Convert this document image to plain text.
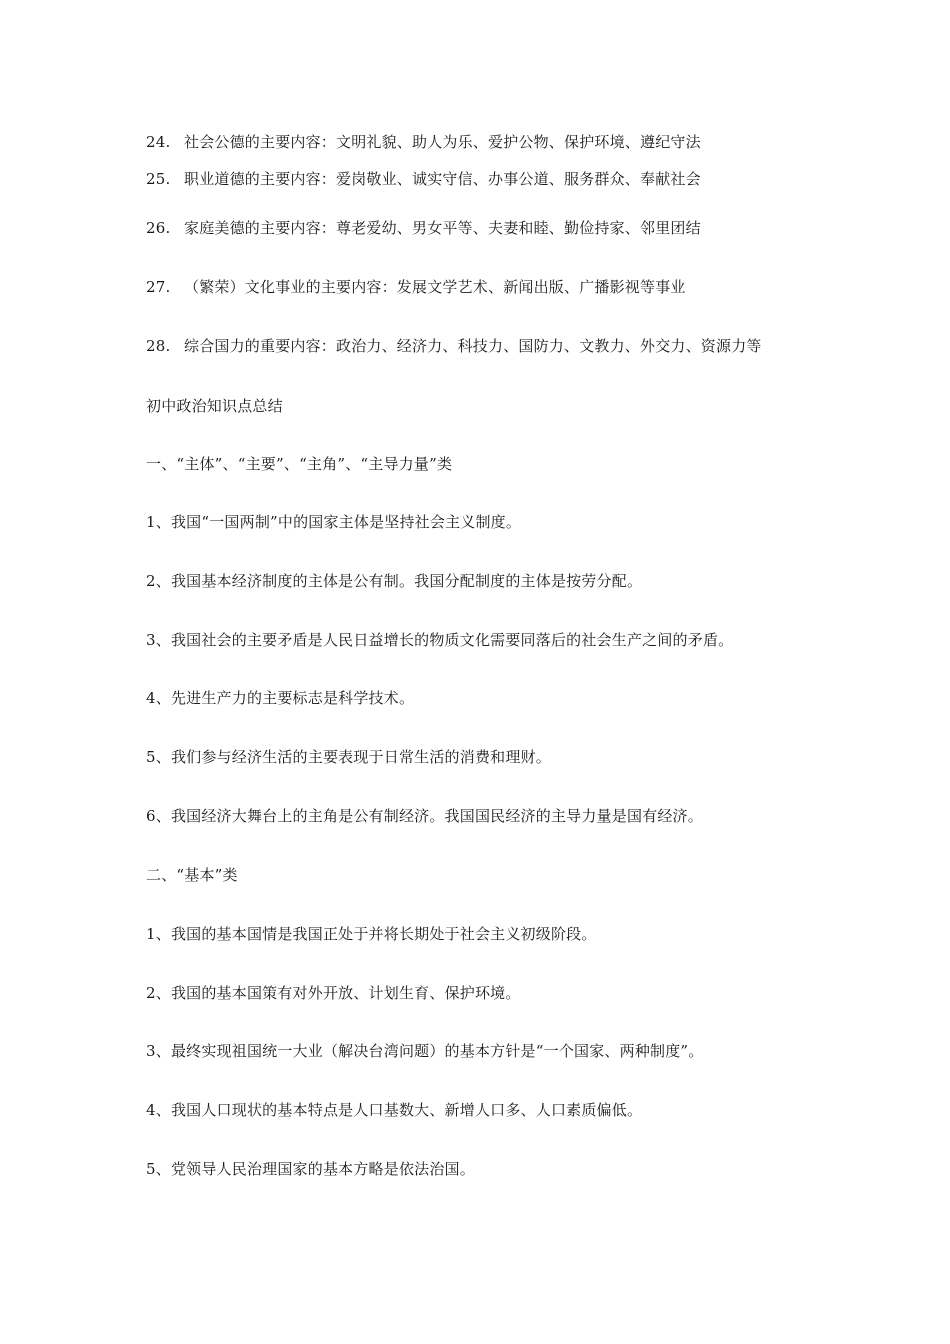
24. 社会公德的主要内容：文明礼貌、助人为乐、爱护公物、保护环境、遵纪守法
25. 职业道德的主要内容：爱岗敬业、诚实守信、办事公道、服务群众、奉献社会
26. 家庭美德的主要内容：尊老爱幼、男女平等、夫妻和睦、勤俭持家、邻里团结
27. （繁荣）文化事业的主要内容：发展文学艺术、新闻出版、广播影视等事业
28. 综合国力的重要内容：政治力、经济力、科技力、国防力、文教力、外交力、资源力等
初中政治知识点总结
一、“主体”、“主要”、“主角”、“主导力量”类
1、我国“一国两制”中的国家主体是坚持社会主义制度。
2、我国基本经济制度的主体是公有制。我国分配制度的主体是按劳分配。
3、我国社会的主要矛盾是人民日益增长的物质文化需要同落后的社会生产之间的矛盾。
4、先进生产力的主要标志是科学技术。
5、我们参与经济生活的主要表现于日常生活的消费和理财。
6、我国经济大舞台上的主角是公有制经济。我国国民经济的主导力量是国有经济。
二、“基本”类
1、我国的基本国情是我国正处于并将长期处于社会主义初级阶段。
2、我国的基本国策有对外开放、计划生育、保护环境。
3、最终实现祖国统一大业（解决台湾问题）的基本方针是“一个国家、两种制度”。
4、我国人口现状的基本特点是人口基数大、新增人口多、人口素质偏低。
5、党领导人民治理国家的基本方略是依法治国。
